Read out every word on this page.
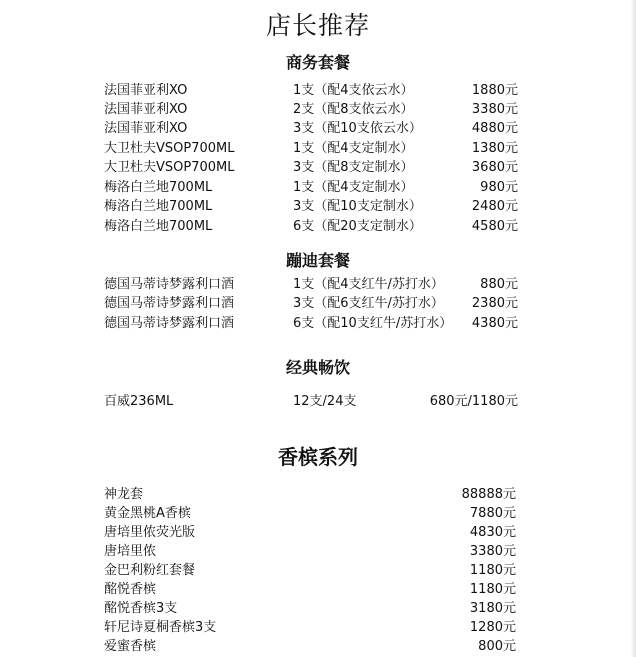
店长推荐
商务套餐
法国菲亚利XO	1支（配4支依云水）	1880元
法国菲亚利XO	2支（配8支依云水）	3380元
法国菲亚利XO	3支（配10支依云水）	4880元
大卫杜夫VSOP700ML	1支（配4支定制水）	1380元
大卫杜夫VSOP700ML	3支（配8支定制水）	3680元
梅洛白兰地700ML	1支（配4支定制水）	980元
梅洛白兰地700ML	3支（配10支定制水）	2480元
梅洛白兰地700ML	6支（配20支定制水）	4580元
蹦迪套餐
德国马蒂诗梦露利口酒	1支（配4支红牛/苏打水）	880元
德国马蒂诗梦露利口酒	3支（配6支红牛/苏打水） 2380元
德国马蒂诗梦露利口酒	6支（配10支红牛/苏打水） 4380元
经典畅饮
百威236ML	12支/24支	680元/1180元
香槟系列
神龙套	88888元
黄金黑桃A香槟	7880元
唐培里侬荧光版	4830元
唐培里侬	3380元
金巴利粉红套餐	1180元
酩悦香槟	1180元
酩悦香槟3支	3180元
轩尼诗夏桐香槟3支	1280元
爱蜜香槟	800元
